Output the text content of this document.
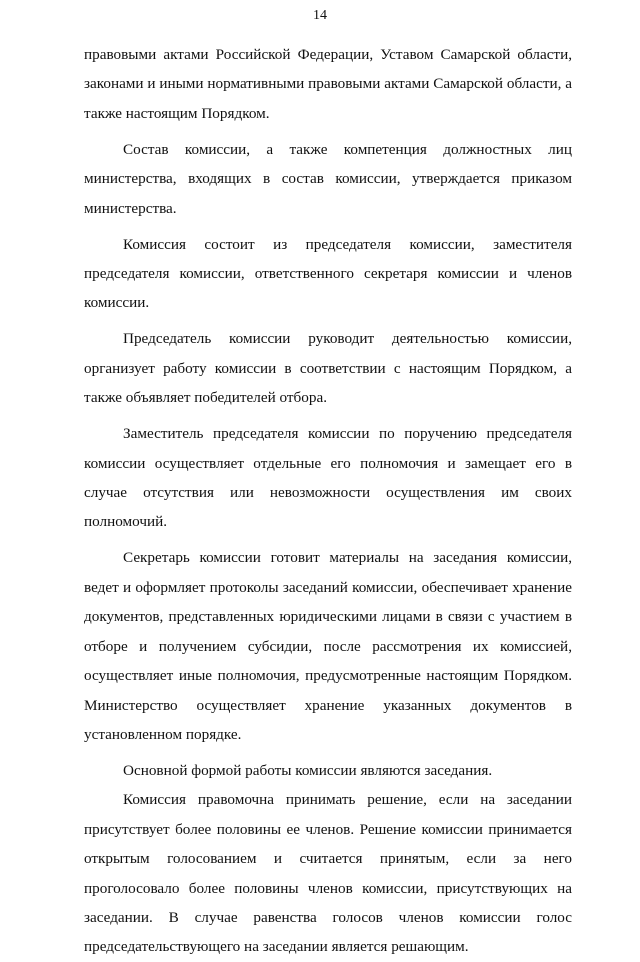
14

правовыми актами Российской Федерации, Уставом Самарской области, законами и иными нормативными правовыми актами Самарской области, а также настоящим Порядком.

Состав комиссии, а также компетенция должностных лиц министерства, входящих в состав комиссии, утверждается приказом министерства.

Комиссия состоит из председателя комиссии, заместителя председателя комиссии, ответственного секретаря комиссии и членов комиссии.

Председатель комиссии руководит деятельностью комиссии, организует работу комиссии в соответствии с настоящим Порядком, а также объявляет победителей отбора.

Заместитель председателя комиссии по поручению председателя комиссии осуществляет отдельные его полномочия и замещает его в случае отсутствия или невозможности осуществления им своих полномочий.

Секретарь комиссии готовит материалы на заседания комиссии, ведет и оформляет протоколы заседаний комиссии, обеспечивает хранение документов, представленных юридическими лицами в связи с участием в отборе и получением субсидии, после рассмотрения их комиссией, осуществляет иные полномочия, предусмотренные настоящим Порядком. Министерство осуществляет хранение указанных документов в установленном порядке.

Основной формой работы комиссии являются заседания.

Комиссия правомочна принимать решение, если на заседании присутствует более половины ее членов. Решение комиссии принимается открытым голосованием и считается принятым, если за него проголосовало более половины членов комиссии, присутствующих на заседании. В случае равенства голосов членов комиссии голос председательствующего на заседании является решающим.
